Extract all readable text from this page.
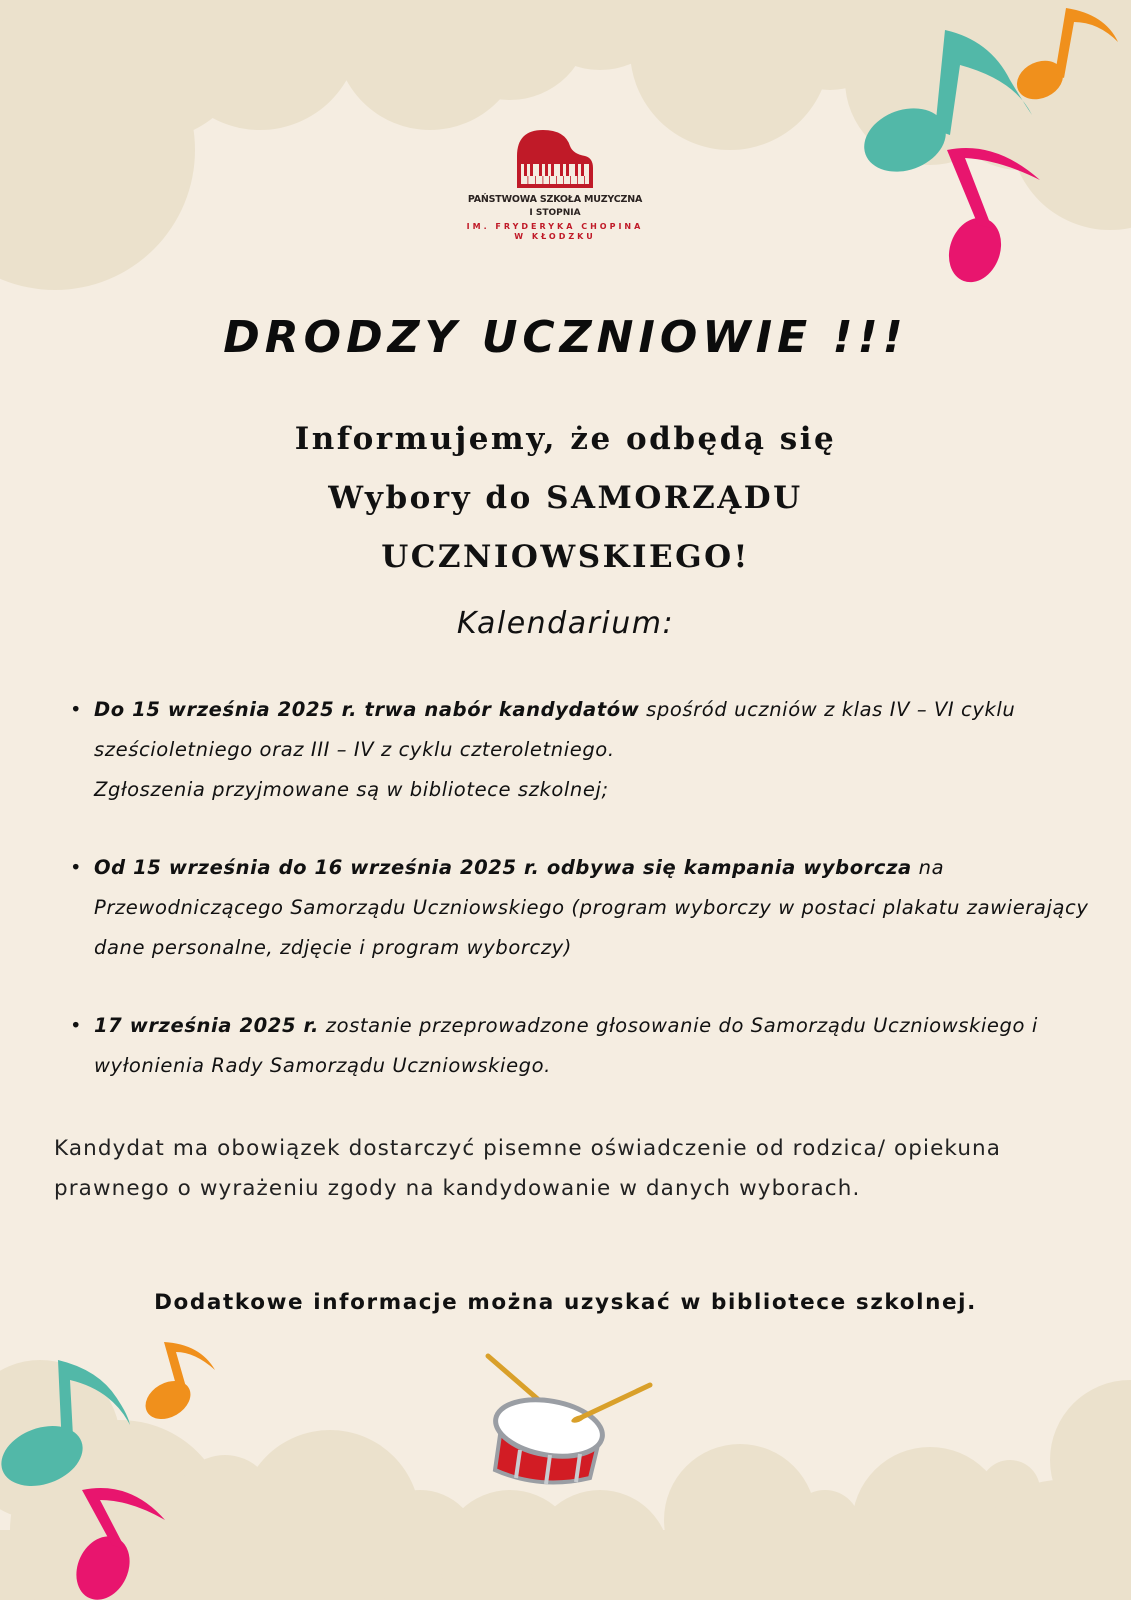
PAŃSTWOWA SZKOŁA MUZYCZNA
I STOPNIA
IM. FRYDERYKA CHOPINA
W KŁODZKU
DRODZY UCZNIOWIE !!!
Informujemy, że odbędą się
Wybory do SAMORZĄDU
UCZNIOWSKIEGO!
Kalendarium:
• Do 15 września 2025 r. trwa nabór kandydatów spośród uczniów z klas IV – VI cyklu sześcioletniego oraz III – IV z cyklu czteroletniego.
Zgłoszenia przyjmowane są w bibliotece szkolnej;
• Od 15 września do 16 września 2025 r. odbywa się kampania wyborcza na Przewodniczącego Samorządu Uczniowskiego (program wyborczy w postaci plakatu zawierający dane personalne, zdjęcie i program wyborczy)
• 17 września 2025 r. zostanie przeprowadzone głosowanie do Samorządu Uczniowskiego i wyłonienia Rady Samorządu Uczniowskiego.
Kandydat ma obowiązek dostarczyć pisemne oświadczenie od rodzica/ opiekuna prawnego o wyrażeniu zgody na kandydowanie w danych wyborach.
Dodatkowe informacje można uzyskać w bibliotece szkolnej.
